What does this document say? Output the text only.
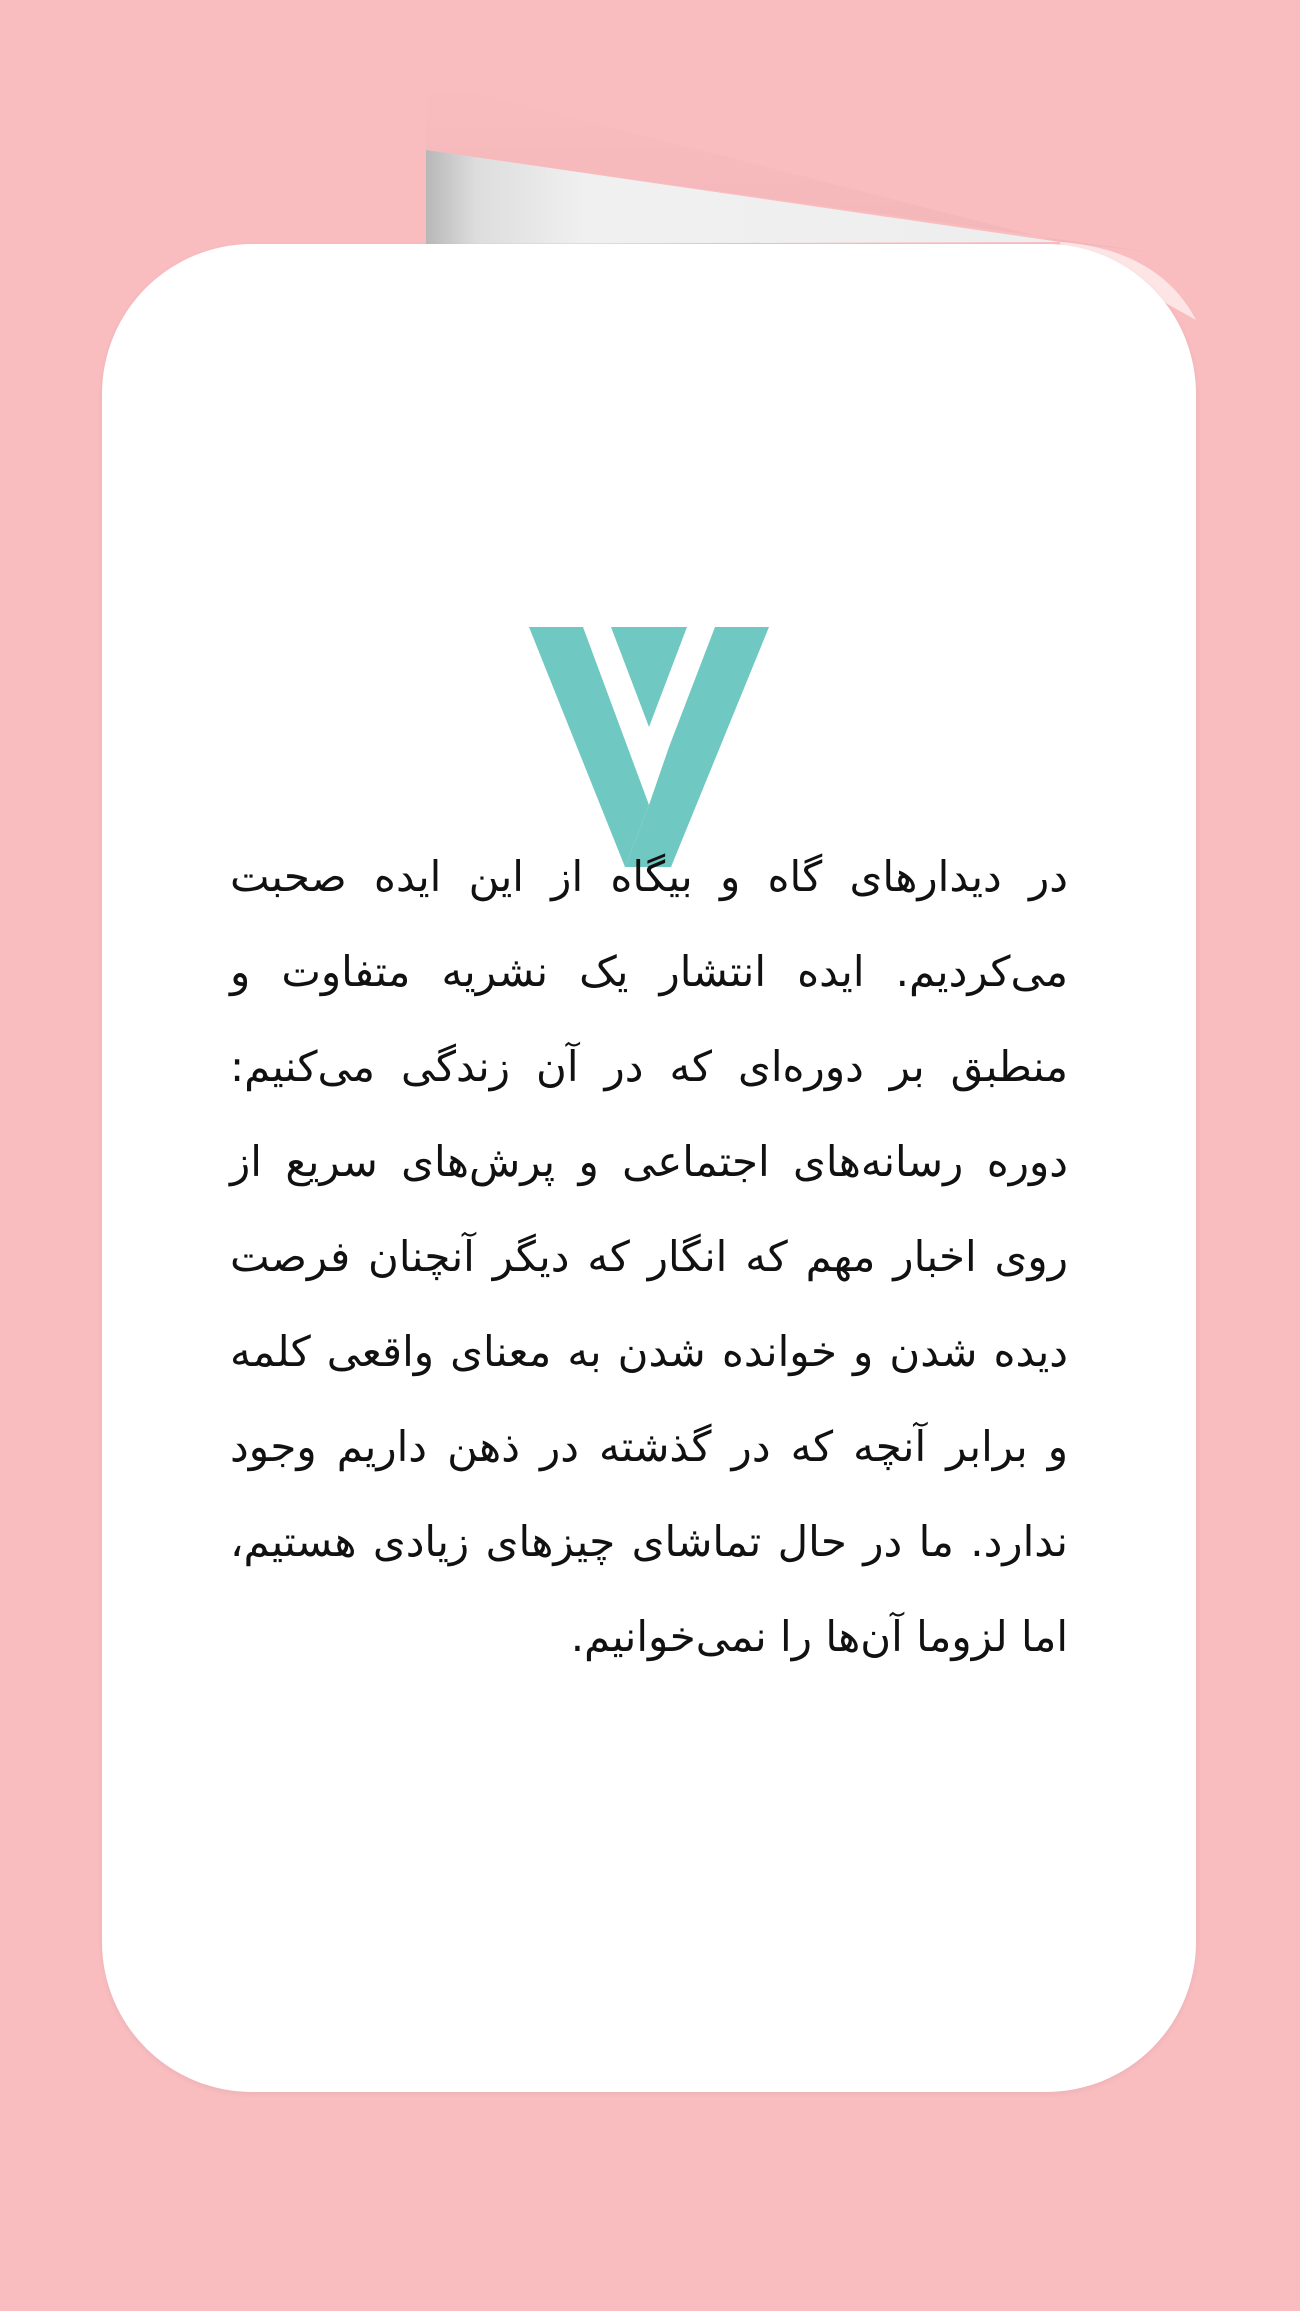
در دیدارهای گاه و بیگاه از این ایده صحبت می‌کردیم. ایده انتشار یک نشریه متفاوت و منطبق بر دوره‌ای که در آن زندگی می‌کنیم: دوره رسانه‌های اجتماعی و پرش‌های سریع از روی اخبار مهم که انگار که دیگر آنچنان فرصت دیده شدن و خوانده شدن به معنای واقعی کلمه و برابر آنچه که در گذشته در ذهن داریم وجود ندارد. ما در حال تماشای چیزهای زیادی هستیم، اما لزوما آن‌ها را نمی‌خوانیم.
